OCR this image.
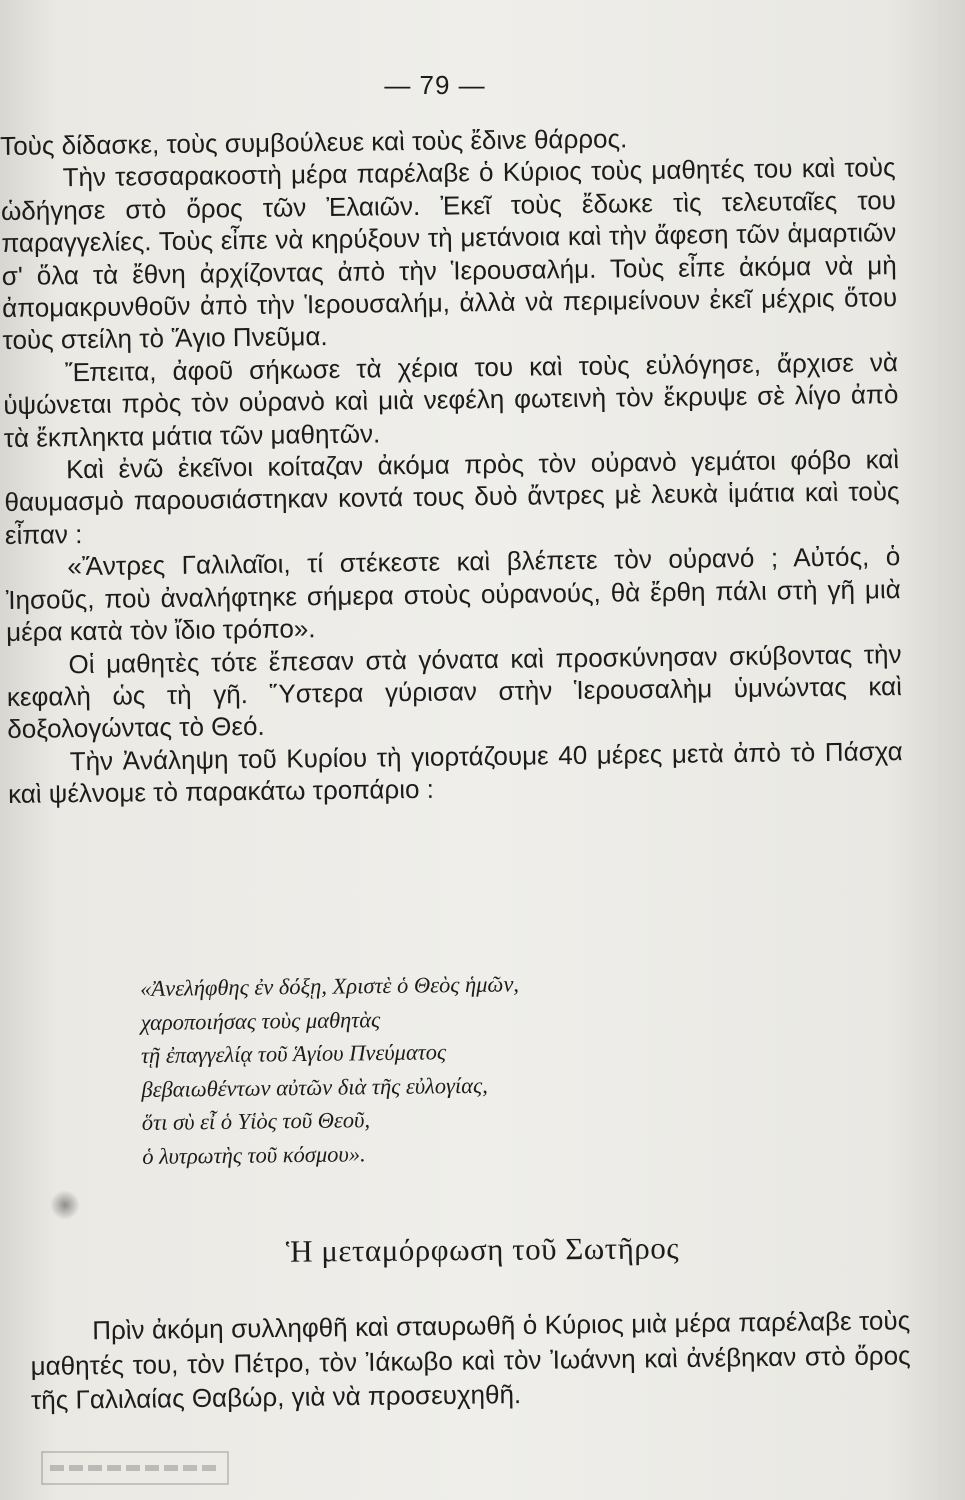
— 79 —

Τοὺς δίδασκε, τοὺς συμβούλευε καὶ τοὺς ἔδινε θάρρος.

Τὴν τεσσαρακοστὴ μέρα παρέλαβε ὁ Κύριος τοὺς μαθητές του καὶ τοὺς ὡδήγησε στὸ ὄρος τῶν Ἐλαιῶν. Ἐκεῖ τοὺς ἔδωκε τὶς τελευταῖες του παραγγελίες. Τοὺς εἶπε νὰ κηρύξουν τὴ μετάνοια καὶ τὴν ἄφεση τῶν ἁμαρτιῶν σ' ὅλα τὰ ἔθνη ἀρχίζοντας ἀπὸ τὴν Ἱερουσαλήμ. Τοὺς εἶπε ἀκόμα νὰ μὴ ἀπομακρυνθοῦν ἀπὸ τὴν Ἱερουσαλήμ, ἀλλὰ νὰ περιμείνουν ἐκεῖ μέχρις ὅτου τοὺς στείλη τὸ Ἅγιο Πνεῦμα.

Ἔπειτα, ἀφοῦ σήκωσε τὰ χέρια του καὶ τοὺς εὐλόγησε, ἄρχισε νὰ ὑψώνεται πρὸς τὸν οὐρανὸ καὶ μιὰ νεφέλη φωτεινὴ τὸν ἔκρυψε σὲ λίγο ἀπὸ τὰ ἔκπληκτα μάτια τῶν μαθητῶν.

Καὶ ἐνῶ ἐκεῖνοι κοίταζαν ἀκόμα πρὸς τὸν οὐρανὸ γεμάτοι φόβο καὶ θαυμασμὸ παρουσιάστηκαν κοντά τους δυὸ ἄντρες μὲ λευκὰ ἱμάτια καὶ τοὺς εἶπαν :

«Ἄντρες Γαλιλαῖοι, τί στέκεστε καὶ βλέπετε τὸν οὐρανό ; Αὐτός, ὁ Ἰησοῦς, ποὺ ἀναλήφτηκε σήμερα στοὺς οὐρανούς, θὰ ἔρθη πάλι στὴ γῆ μιὰ μέρα κατὰ τὸν ἴδιο τρόπο».

Οἱ μαθητὲς τότε ἔπεσαν στὰ γόνατα καὶ προσκύνησαν σκύβοντας τὴν κεφαλὴ ὡς τὴ γῆ. Ὕστερα γύρισαν στὴν Ἱερουσαλὴμ ὑμνώντας καὶ δοξολογώντας τὸ Θεό.

Τὴν Ἀνάληψη τοῦ Κυρίου τὴ γιορτάζουμε 40 μέρες μετὰ ἀπὸ τὸ Πάσχα καὶ ψέλνομε τὸ παρακάτω τροπάριο :

«Ἀνελήφθης ἐν δόξῃ, Χριστὲ ὁ Θεὸς ἡμῶν,
χαροποιήσας τοὺς μαθητὰς
τῇ ἐπαγγελίᾳ τοῦ Ἁγίου Πνεύματος
βεβαιωθέντων αὐτῶν διὰ τῆς εὐλογίας,
ὅτι σὺ εἶ ὁ Υἱὸς τοῦ Θεοῦ,
ὁ λυτρωτὴς τοῦ κόσμου».
Ἡ μεταμόρφωση τοῦ Σωτῆρος

Πρὶν ἀκόμη συλληφθῆ καὶ σταυρωθῆ ὁ Κύριος μιὰ μέρα παρέλαβε τοὺς μαθητές του, τὸν Πέτρο, τὸν Ἰάκωβο καὶ τὸν Ἰωάννη καὶ ἀνέβηκαν στὸ ὄρος τῆς Γαλιλαίας Θαβώρ, γιὰ νὰ προσευχηθῆ.
